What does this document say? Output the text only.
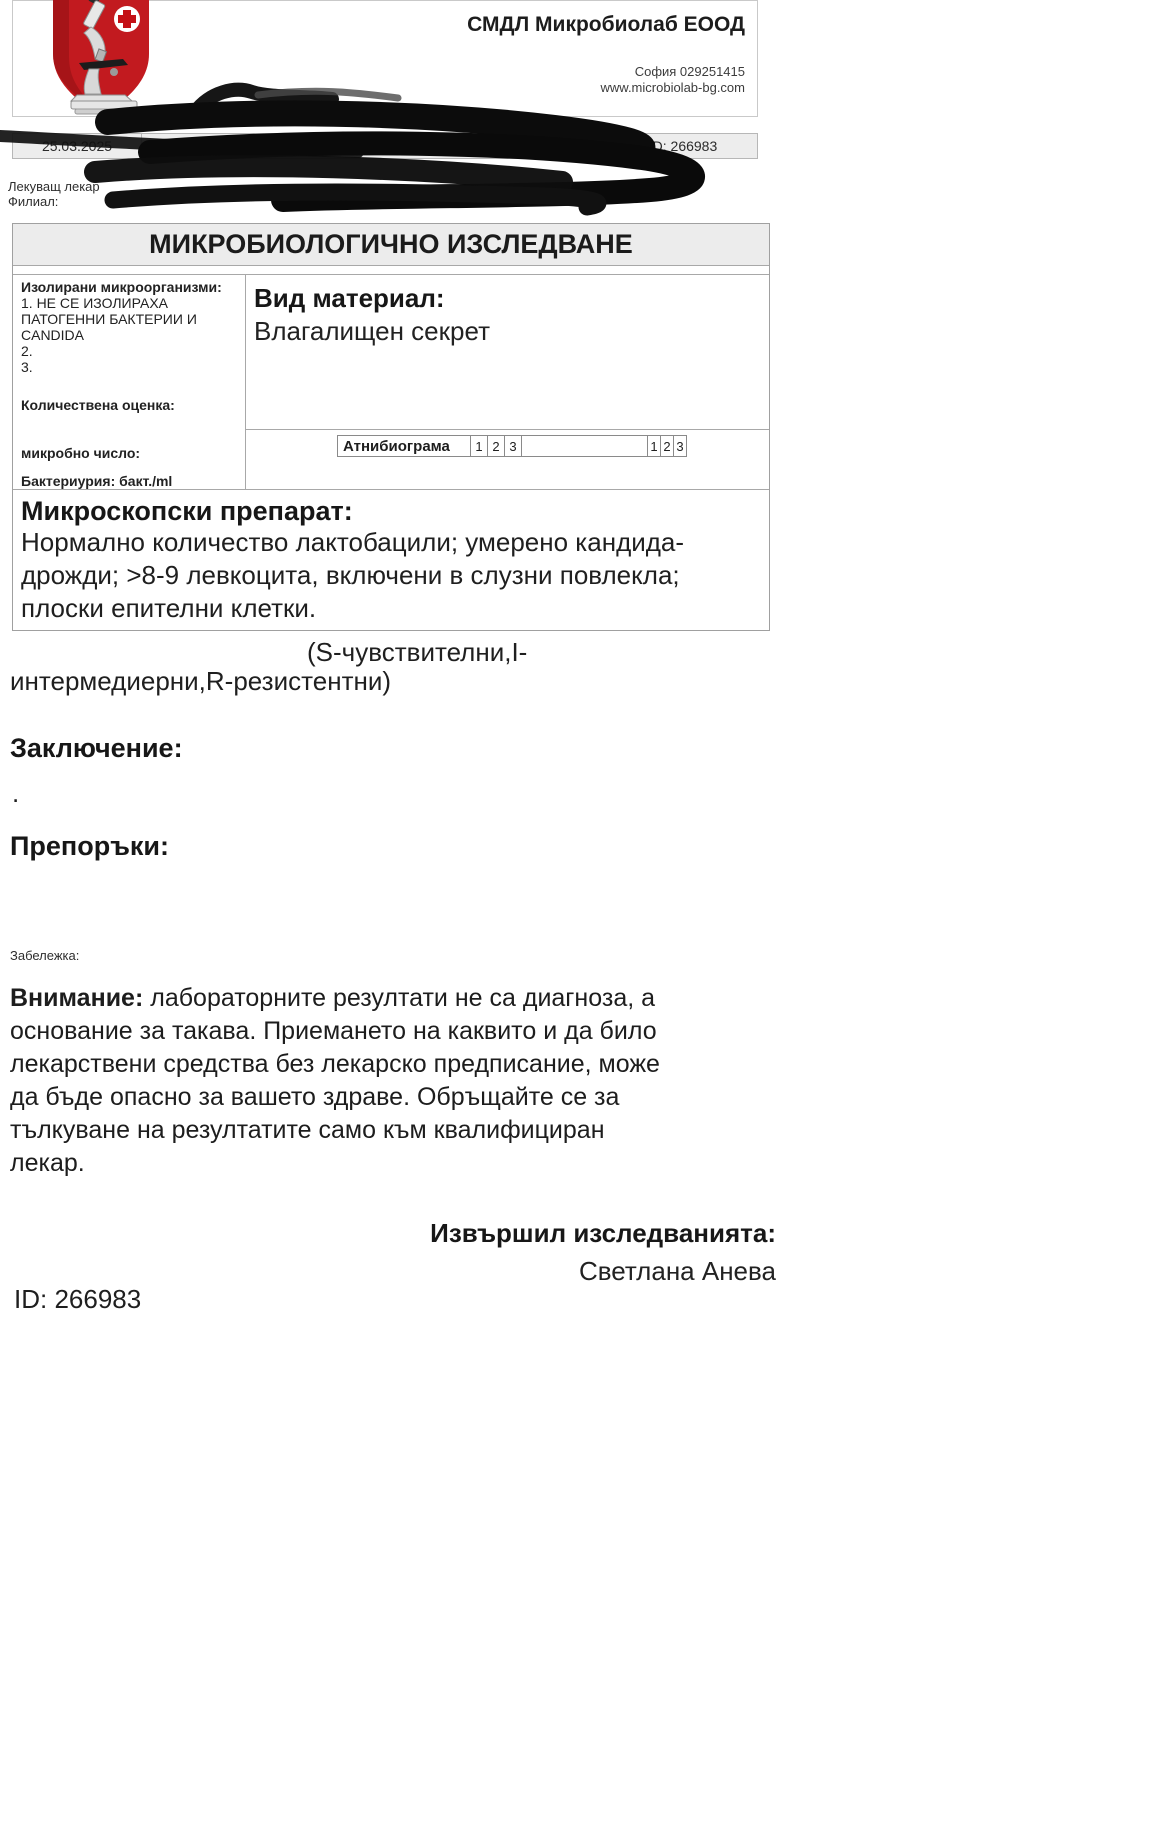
СМДЛ Микробиолаб ЕООД
София 029251415
www.microbiolab-bg.com
25.03.2025	ID: 266983
Лекуващ лекар
Филиал:
МИКРОБИОЛОГИЧНО ИЗСЛЕДВАНЕ
Изолирани микроорганизми:
1. НЕ СЕ ИЗОЛИРАХА
ПАТОГЕННИ БАКТЕРИИ И
CANDIDA
2.
3.
Количествена оценка:
микробно число:
Бактериурия: бакт./ml
Вид материал:
Влагалищен секрет
Атнибиограма	1 2 3	1 2 3
Микроскопски препарат:
Нормално количество лактобацили; умерено кандида-
дрожди; >8-9 левкоцита, включени в слузни повлекла;
плоски епителни клетки.
(S-чувствителни,I-
интермедиерни,R-резистентни)
Заключение:
.
Препоръки:
Забележка:
Внимание: лабораторните резултати не са диагноза, а
основание за такава. Приемането на каквито и да било
лекарствени средства без лекарско предписание, може
да бъде опасно за вашето здраве. Обръщайте се за
тълкуване на резултатите само към квалифициран
лекар.
Извършил изследванията:
Светлана Анева
ID: 266983
